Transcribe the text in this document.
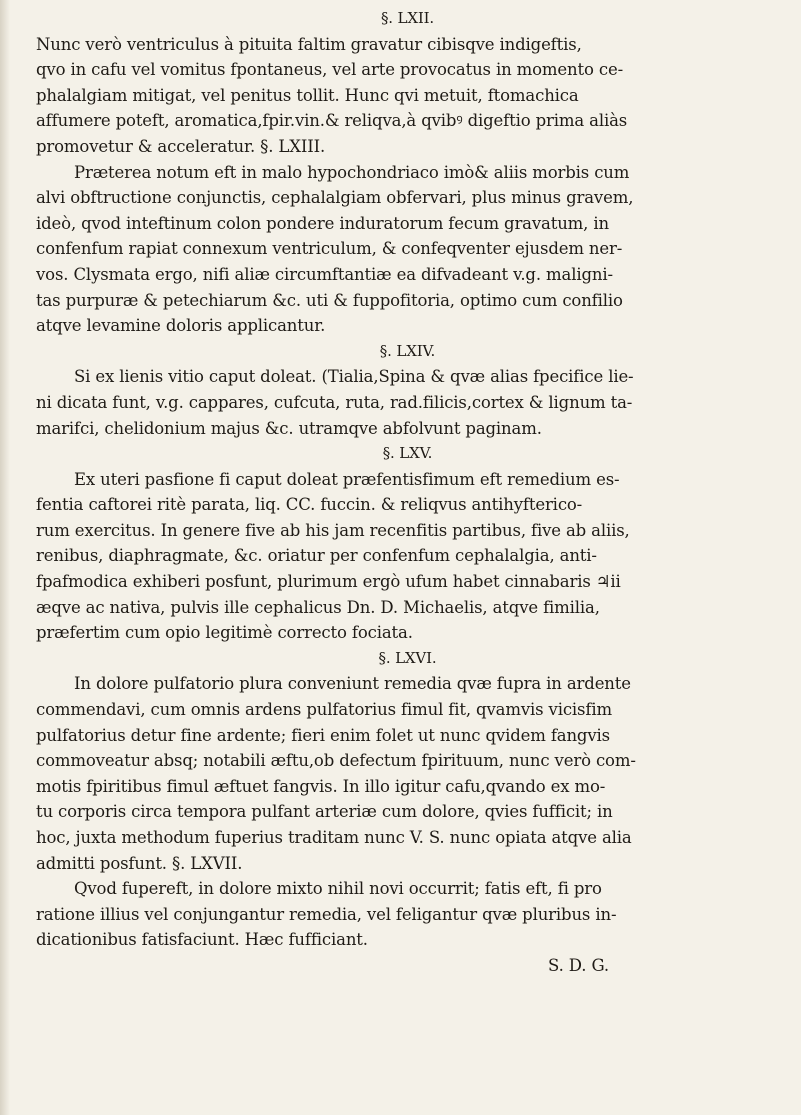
§. LXII.
Nunc verò ventriculus à pituita faltim gravatur cibisqve indigeftis,
qvo in cafu vel vomitus fpontaneus, vel arte provocatus in momento ce-
phalalgiam mitigat, vel penitus tollit. Hunc qvi metuit, ftomachica
affumere poteft, aromatica,fpir.vin.& reliqva,à qvibꝰ digeftio prima aliàs
promovetur & acceleratur. §. LXIII.
Præterea notum eft in malo hypochondriaco imò& aliis morbis cum
alvi obftructione conjunctis, cephalalgiam obfervari, plus minus gravem,
ideò, qvod inteftinum colon pondere induratorum fecum gravatum, in
confenfum rapiat connexum ventriculum, & confeqventer ejusdem ner-
vos. Clysmata ergo, nifi aliæ circumftantiæ ea difvadeant v.g. maligni-
tas purpuræ & petechiarum &c. uti & fuppofitoria, optimo cum confilio
atqve levamine doloris applicantur.
§. LXIV.
Si ex lienis vitio caput doleat. (Tialia,Spina & qvæ alias fpecifice lie-
ni dicata funt, v.g. cappares, cufcuta, ruta, rad.filicis,cortex & lignum ta-
marifci, chelidonium majus &c. utramqve abfolvunt paginam.
§. LXV.
Ex uteri pasfione fi caput doleat præfentisfimum eft remedium es-
fentia caftorei ritè parata, liq. CC. fuccin. & reliqvus antihyfterico-
rum exercitus. In genere five ab his jam recenfitis partibus, five ab aliis,
renibus, diaphragmate, &c. oriatur per confenfum cephalalgia, anti-
fpafmodica exhiberi posfunt, plurimum ergò ufum habet cinnabaris ♃ii
æqve ac nativa, pulvis ille cephalicus Dn. D. Michaelis, atqve fimilia,
præfertim cum opio legitimè correcto fociata.
§. LXVI.
In dolore pulfatorio plura conveniunt remedia qvæ fupra in ardente
commendavi, cum omnis ardens pulfatorius fimul fit, qvamvis vicisfim
pulfatorius detur fine ardente; fieri enim folet ut nunc qvidem fangvis
commoveatur absq; notabili æftu,ob defectum fpirituum, nunc verò com-
motis fpiritibus fimul æftuet fangvis. In illo igitur cafu,qvando ex mo-
tu corporis circa tempora pulfant arteriæ cum dolore, qvies fufficit; in
hoc, juxta methodum fuperius traditam nunc V. S. nunc opiata atqve alia
admitti posfunt. §. LXVII.
Qvod fupereft, in dolore mixto nihil novi occurrit; fatis eft, fi pro
ratione illius vel conjungantur remedia, vel feligantur qvæ pluribus in-
dicationibus fatisfaciunt. Hæc fufficiant.
S. D. G.
